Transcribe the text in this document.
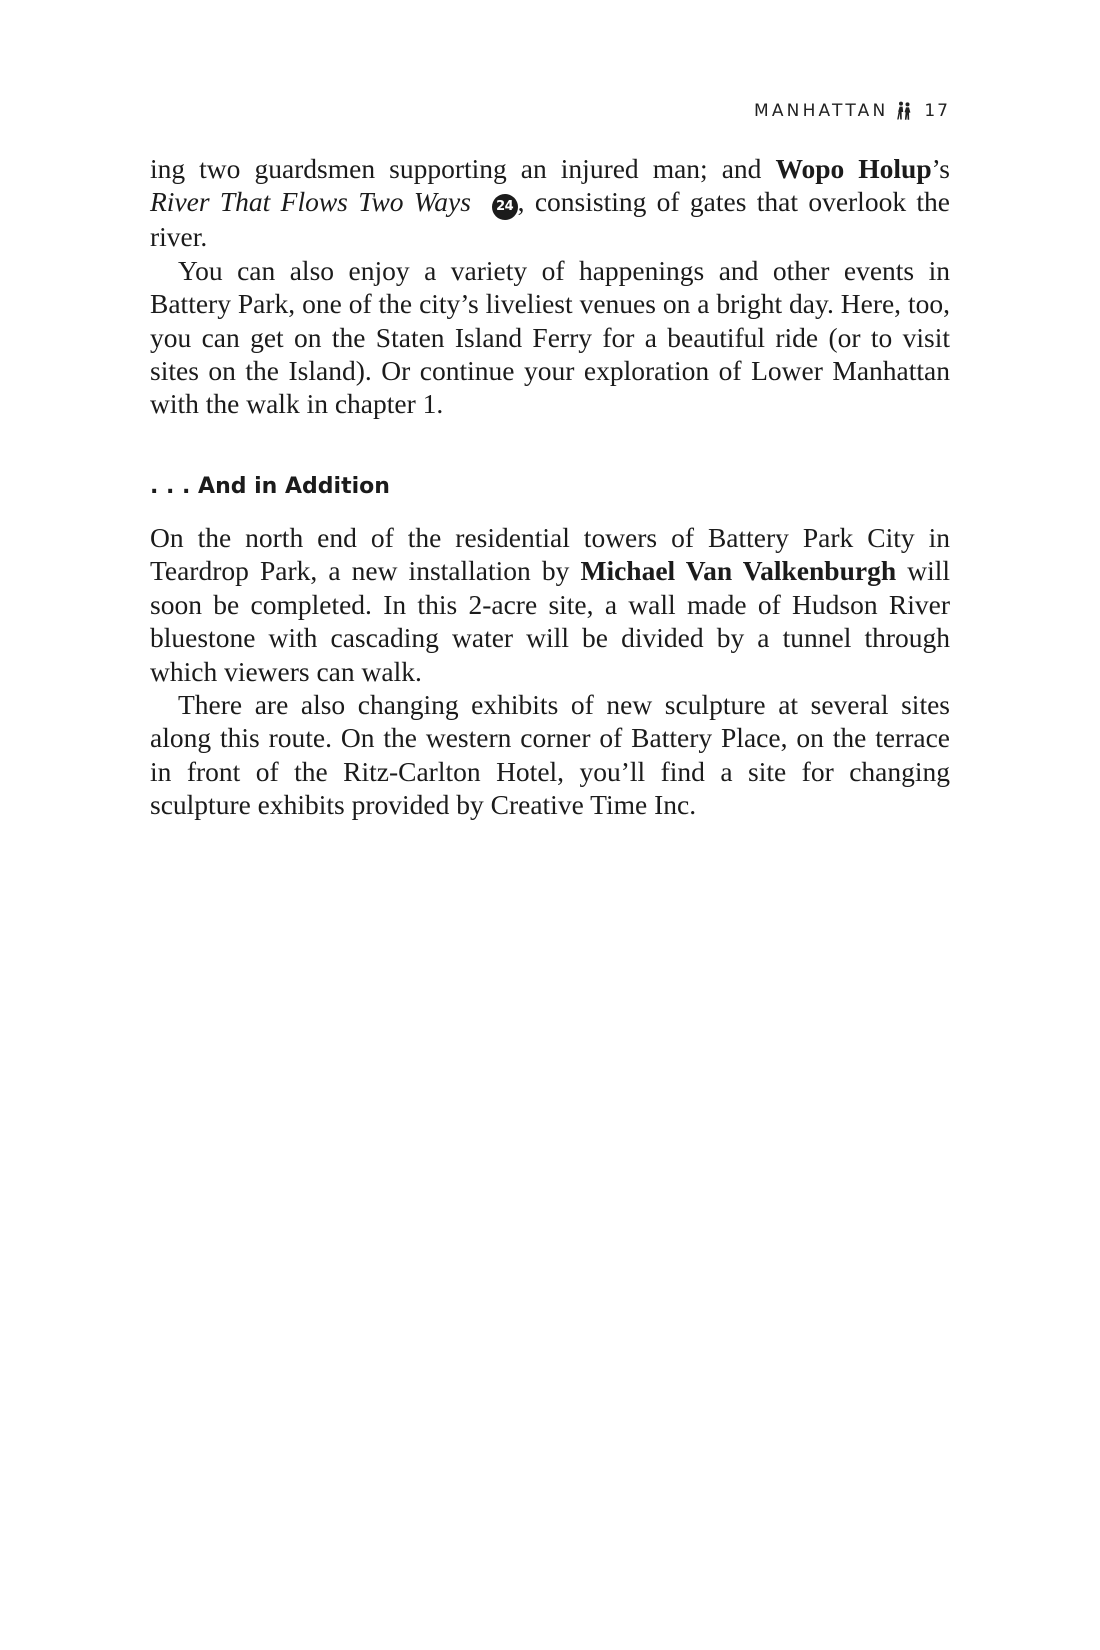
MANHATTAN 17

ing two guardsmen supporting an injured man; and Wopo Holup’s River That Flows Two Ways 24 , consisting of gates that overlook the river.

You can also enjoy a variety of happenings and other events in Battery Park, one of the city’s liveliest venues on a bright day. Here, too, you can get on the Staten Island Ferry for a beautiful ride (or to visit sites on the Island). Or continue your exploration of Lower Manhattan with the walk in chapter 1.

. . . And in Addition

On the north end of the residential towers of Battery Park City in Teardrop Park, a new installation by Michael Van Valkenburgh will soon be completed. In this 2-acre site, a wall made of Hudson River bluestone with cascading water will be divided by a tunnel through which viewers can walk.

There are also changing exhibits of new sculpture at several sites along this route. On the western corner of Battery Place, on the terrace in front of the Ritz-Carlton Hotel, you’ll find a site for changing sculpture exhibits provided by Creative Time Inc.
